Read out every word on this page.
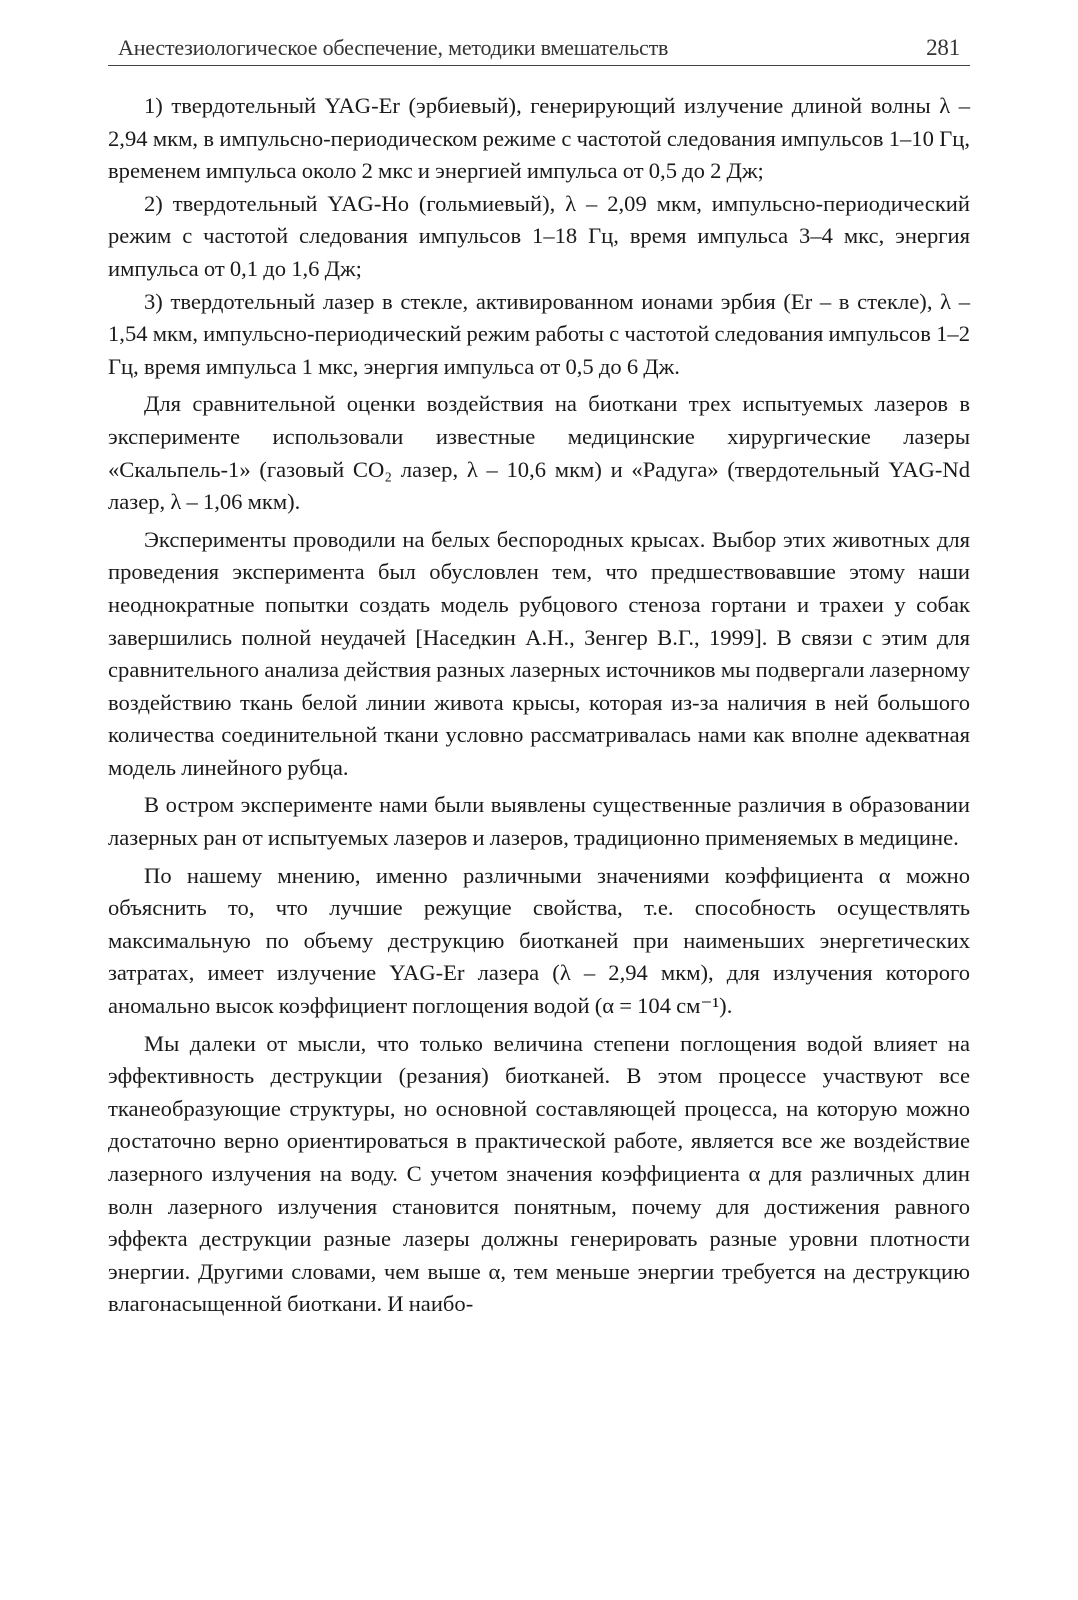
Анестезиологическое обеспечение, методики вмешательств	281

1) твердотельный YAG-Er (эрбиевый), генерирующий излучение длиной волны λ – 2,94 мкм, в импульсно-периодическом режиме с частотой следования импульсов 1–10 Гц, временем импульса около 2 мкс и энергией импульса от 0,5 до 2 Дж;

2) твердотельный YAG-Ho (гольмиевый), λ – 2,09 мкм, импульсно-периодический режим с частотой следования импульсов 1–18 Гц, время импульса 3–4 мкс, энергия импульса от 0,1 до 1,6 Дж;

3) твердотельный лазер в стекле, активированном ионами эрбия (Er – в стекле), λ – 1,54 мкм, импульсно-периодический режим работы с частотой следования импульсов 1–2 Гц, время импульса 1 мкс, энергия импульса от 0,5 до 6 Дж.

Для сравнительной оценки воздействия на биоткани трех испытуемых лазеров в эксперименте использовали известные медицинские хирургические лазеры «Скальпель-1» (газовый CO₂ лазер, λ – 10,6 мкм) и «Радуга» (твердотельный YAG-Nd лазер, λ – 1,06 мкм).

Эксперименты проводили на белых беспородных крысах. Выбор этих животных для проведения эксперимента был обусловлен тем, что предшествовавшие этому наши неоднократные попытки создать модель рубцового стеноза гортани и трахеи у собак завершились полной неудачей [Наседкин А.Н., Зенгер В.Г., 1999]. В связи с этим для сравнительного анализа действия разных лазерных источников мы подвергали лазерному воздействию ткань белой линии живота крысы, которая из-за наличия в ней большого количества соединительной ткани условно рассматривалась нами как вполне адекватная модель линейного рубца.

В остром эксперименте нами были выявлены существенные различия в образовании лазерных ран от испытуемых лазеров и лазеров, традиционно применяемых в медицине.

По нашему мнению, именно различными значениями коэффициента α можно объяснить то, что лучшие режущие свойства, т.е. способность осуществлять максимальную по объему деструкцию биотканей при наименьших энергетических затратах, имеет излучение YAG-Er лазера (λ – 2,94 мкм), для излучения которого аномально высок коэффициент поглощения водой (α = 104 см⁻¹).

Мы далеки от мысли, что только величина степени поглощения водой влияет на эффективность деструкции (резания) биотканей. В этом процессе участвуют все тканеобразующие структуры, но основной составляющей процесса, на которую можно достаточно верно ориентироваться в практической работе, является все же воздействие лазерного излучения на воду. С учетом значения коэффициента α для различных длин волн лазерного излучения становится понятным, почему для достижения равного эффекта деструкции разные лазеры должны генерировать разные уровни плотности энергии. Другими словами, чем выше α, тем меньше энергии требуется на деструкцию влагонасыщенной биоткани. И наибо-
